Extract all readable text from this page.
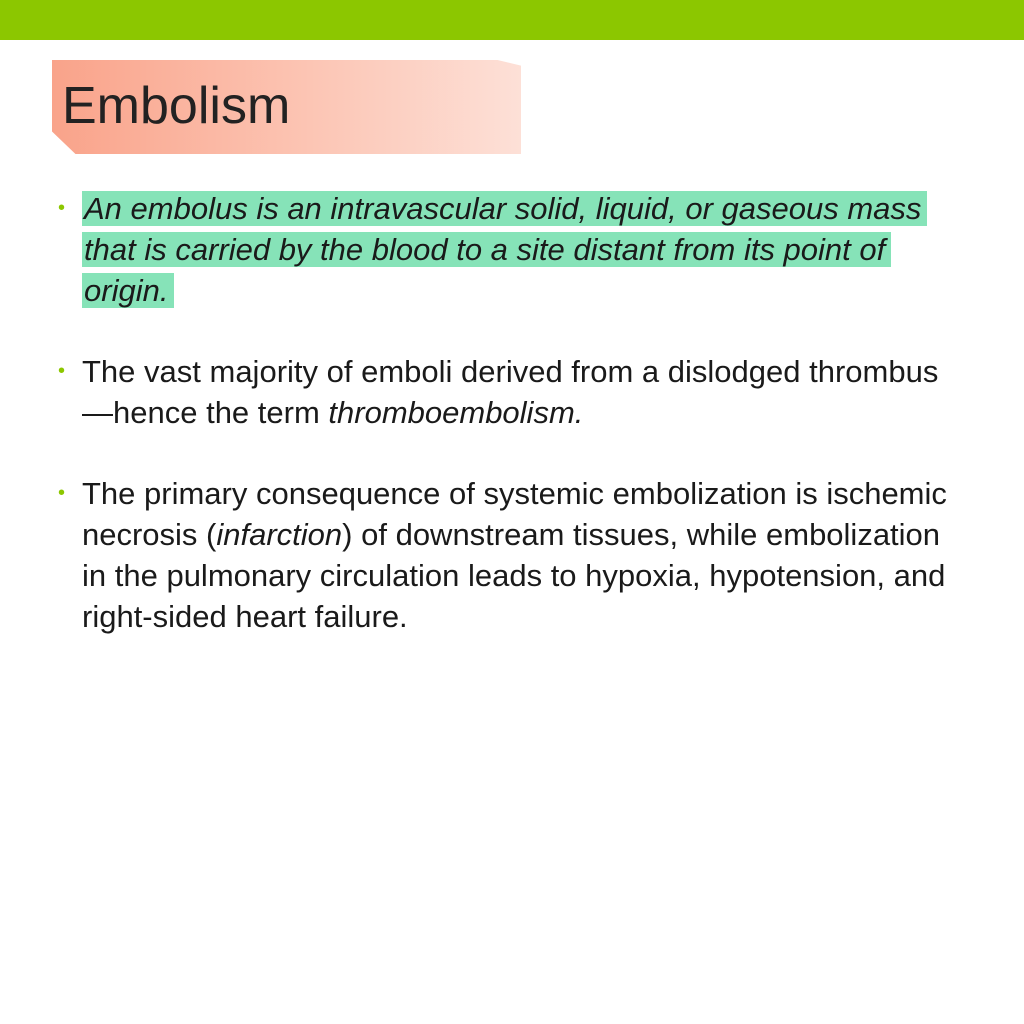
Embolism
• An embolus is an intravascular solid, liquid, or gaseous mass that is carried by the blood to a site distant from its point of origin.
• The vast majority of emboli derived from a dislodged thrombus—hence the term thromboembolism.
• The primary consequence of systemic embolization is ischemic necrosis (infarction) of downstream tissues, while embolization in the pulmonary circulation leads to hypoxia, hypotension, and right-sided heart failure.
